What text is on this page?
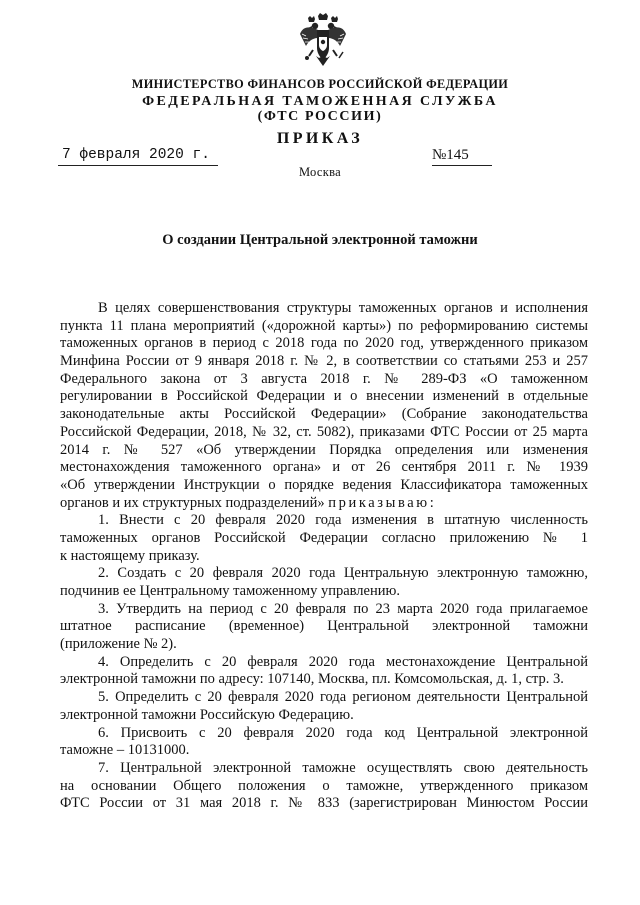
МИНИСТЕРСТВО ФИНАНСОВ РОССИЙСКОЙ ФЕДЕРАЦИИ
ФЕДЕРАЛЬНАЯ ТАМОЖЕННАЯ СЛУЖБА
(ФТС РОССИИ)
ПРИКАЗ
7 февраля 2020 г.	№145
Москва
О создании Центральной электронной таможни
В целях совершенствования структуры таможенных органов и исполнения
пункта 11 плана мероприятий («дорожной карты») по реформированию системы
таможенных органов в период с 2018 года по 2020 год, утвержденного приказом
Минфина России от 9 января 2018 г. № 2, в соответствии со статьями 253 и 257
Федерального закона от 3 августа 2018 г. № 289-ФЗ «О таможенном
регулировании в Российской Федерации и о внесении изменений в отдельные
законодательные акты Российской Федерации» (Собрание законодательства
Российской Федерации, 2018, № 32, ст. 5082), приказами ФТС России от 25 марта
2014 г. № 527 «Об утверждении Порядка определения или изменения
местонахождения таможенного органа» и от 26 сентября 2011 г. № 1939
«Об утверждении Инструкции о порядке ведения Классификатора таможенных
органов и их структурных подразделений» приказываю:
1. Внести с 20 февраля 2020 года изменения в штатную численность
таможенных органов Российской Федерации согласно приложению № 1
к настоящему приказу.
2. Создать с 20 февраля 2020 года Центральную электронную таможню,
подчинив ее Центральному таможенному управлению.
3. Утвердить на период с 20 февраля по 23 марта 2020 года прилагаемое
штатное расписание (временное) Центральной электронной таможни
(приложение № 2).
4. Определить с 20 февраля 2020 года местонахождение Центральной
электронной таможни по адресу: 107140, Москва, пл. Комсомольская, д. 1, стр. 3.
5. Определить с 20 февраля 2020 года регионом деятельности Центральной
электронной таможни Российскую Федерацию.
6. Присвоить с 20 февраля 2020 года код Центральной электронной
таможне – 10131000.
7. Центральной электронной таможне осуществлять свою деятельность
на основании Общего положения о таможне, утвержденного приказом
ФТС России от 31 мая 2018 г. № 833 (зарегистрирован Минюстом России
